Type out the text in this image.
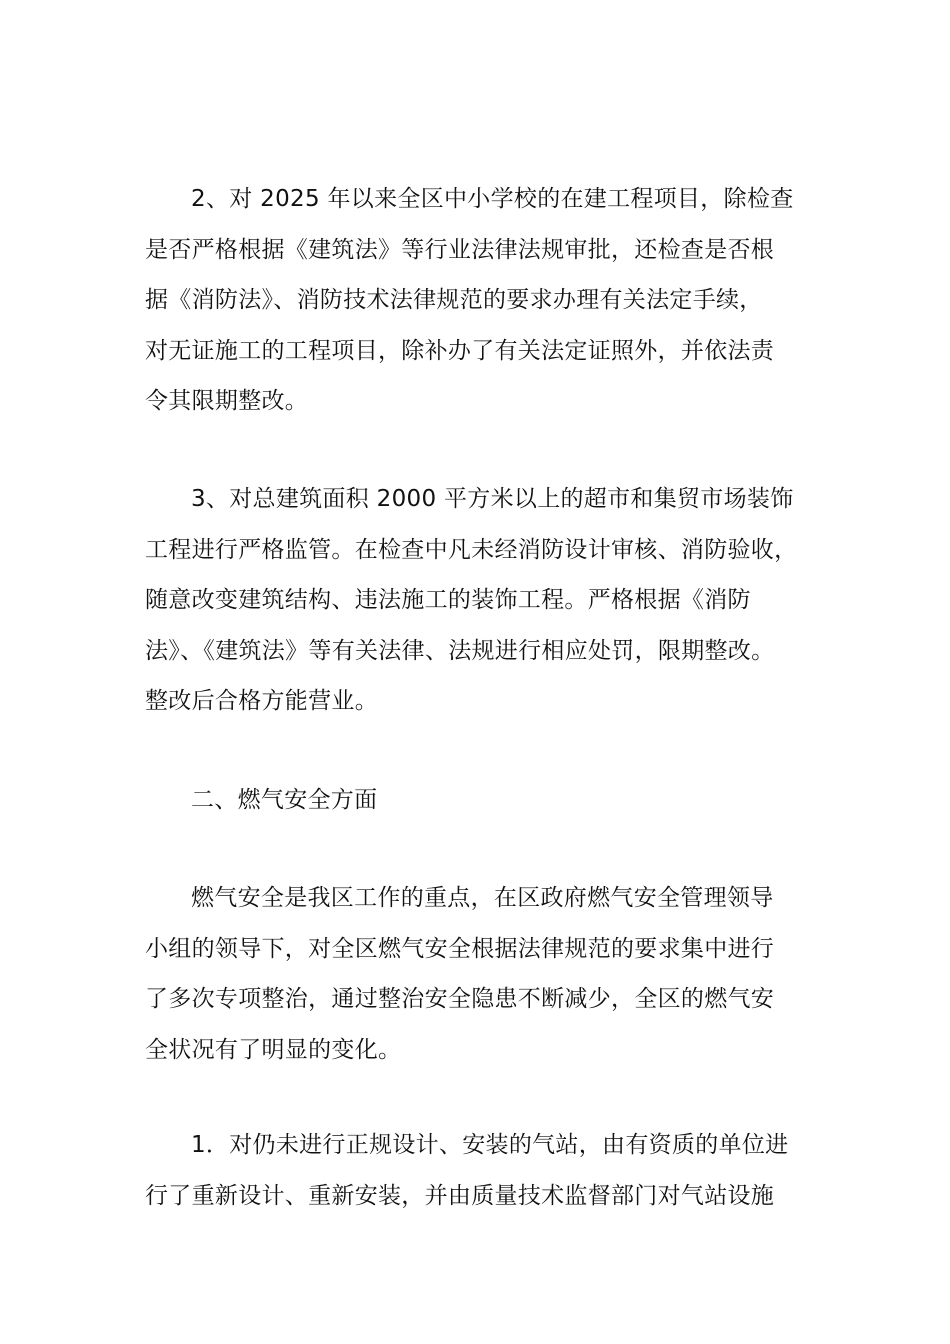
2、对 2025 年以来全区中小学校的在建工程项目，除检查
是否严格根据《建筑法》等行业法律法规审批，还检查是否根
据《消防法》、消防技术法律规范的要求办理有关法定手续，
对无证施工的工程项目，除补办了有关法定证照外，并依法责
令其限期整改。

3、对总建筑面积 2000 平方米以上的超市和集贸市场装饰
工程进行严格监管。在检查中凡未经消防设计审核、消防验收，
随意改变建筑结构、违法施工的装饰工程。严格根据《消防
法》、《建筑法》等有关法律、法规进行相应处罚，限期整改。
整改后合格方能营业。

二、燃气安全方面

燃气安全是我区工作的重点，在区政府燃气安全管理领导
小组的领导下，对全区燃气安全根据法律规范的要求集中进行
了多次专项整治，通过整治安全隐患不断减少，全区的燃气安
全状况有了明显的变化。

1．对仍未进行正规设计、安装的气站，由有资质的单位进
行了重新设计、重新安装，并由质量技术监督部门对气站设施
